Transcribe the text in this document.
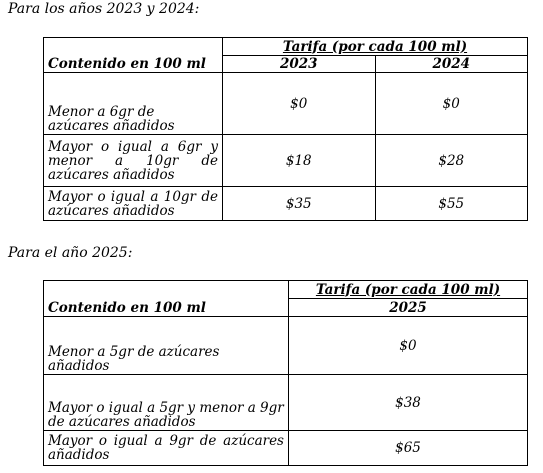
Para los años 2023 y 2024:
Contenido en 100 ml	Tarifa (por cada 100 ml)	
	2023	2024
Menor a 6gr de azúcares añadidos	$0	$0
Mayor o igual a 6gr y menor a 10gr de azúcares añadidos	$18	$28
Mayor o igual a 10gr de azúcares añadidos	$35	$55
Para el año 2025:
Contenido en 100 ml	Tarifa (por cada 100 ml)
	2025
Menor a 5gr de azúcares añadidos	$0
Mayor o igual a 5gr y menor a 9gr de azúcares añadidos	$38
Mayor o igual a 9gr de azúcares añadidos	$65
